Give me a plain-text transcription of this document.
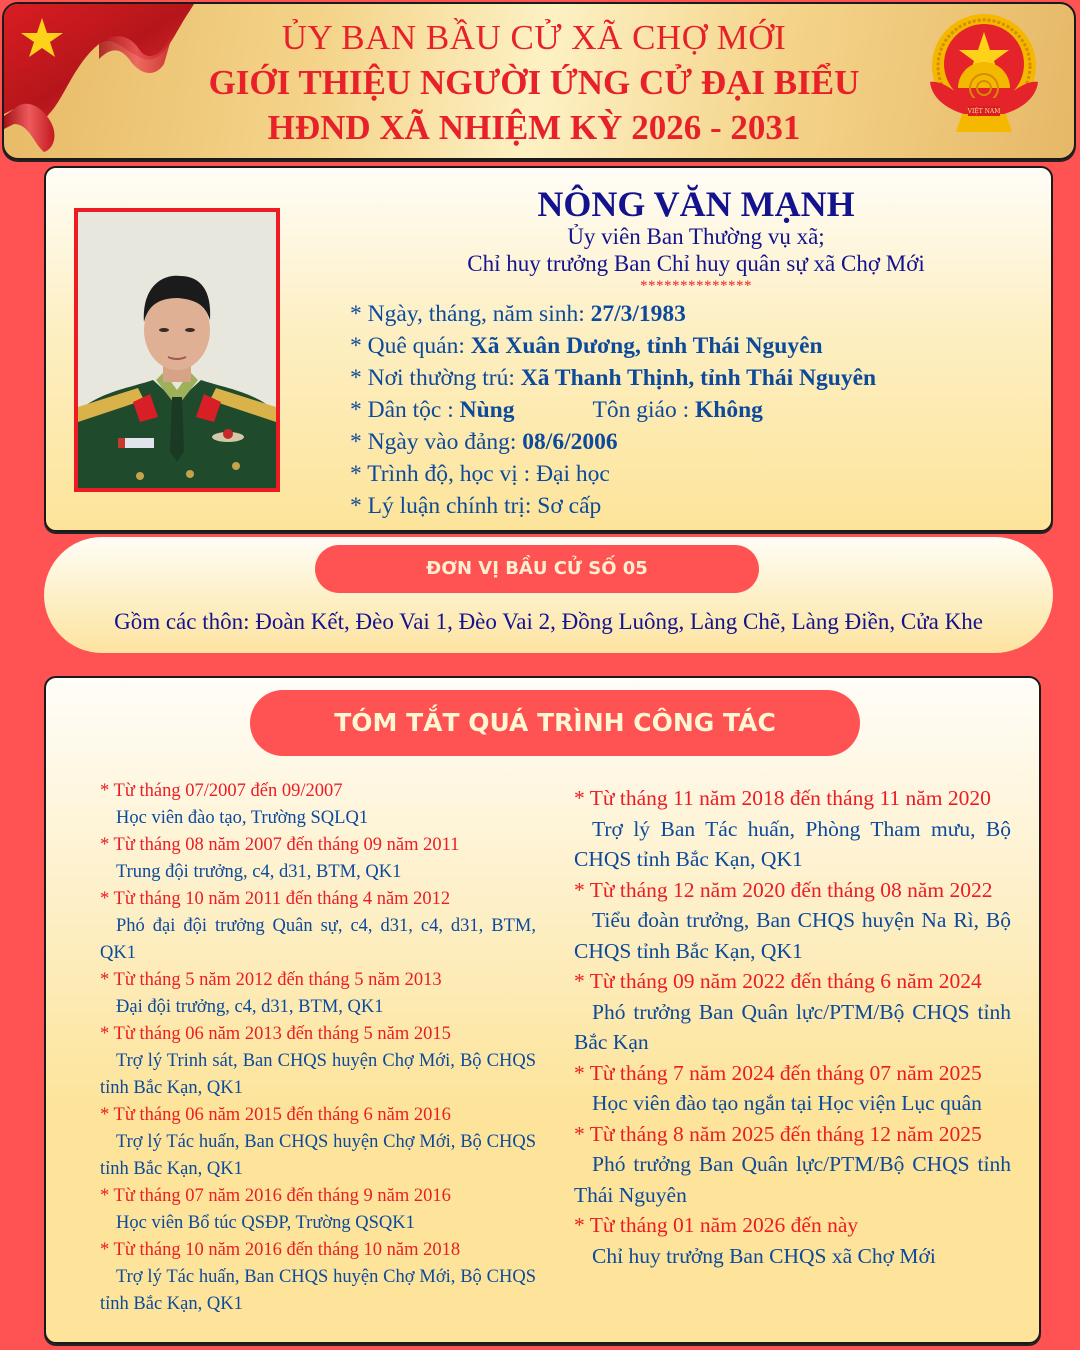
ỦY BAN BẦU CỬ XÃ CHỢ MỚI
GIỚI THIỆU NGƯỜI ỨNG CỬ ĐẠI BIỂU
HĐND XÃ NHIỆM KỲ 2026 - 2031	VIỆT NAM
NÔNG VĂN MẠNH
Ủy viên Ban Thường vụ xã;
Chỉ huy trưởng Ban Chỉ huy quân sự xã Chợ Mới
**************
* Ngày, tháng, năm sinh: 27/3/1983
* Quê quán: Xã Xuân Dương, tỉnh Thái Nguyên
* Nơi thường trú: Xã Thanh Thịnh, tỉnh Thái Nguyên
* Dân tộc : Nùng	Tôn giáo : Không
* Ngày vào đảng: 08/6/2006
* Trình độ, học vị : Đại học
* Lý luận chính trị: Sơ cấp
ĐƠN VỊ BẦU CỬ SỐ 05
Gồm các thôn: Đoàn Kết, Đèo Vai 1, Đèo Vai 2, Đồng Luông, Làng Chẽ, Làng Điền, Cửa Khe
TÓM TẮT QUÁ TRÌNH CÔNG TÁC
* Từ tháng 07/2007 đến 09/2007
Học viên đào tạo, Trường SQLQ1
* Từ tháng 08 năm 2007 đến tháng 09 năm 2011
Trung đội trưởng, c4, d31, BTM, QK1
* Từ tháng 10 năm 2011 đến tháng 4 năm 2012
Phó đại đội trưởng Quân sự, c4, d31, c4, d31, BTM, QK1
* Từ tháng 5 năm 2012 đến tháng 5 năm 2013
Đại đội trưởng, c4, d31, BTM, QK1
* Từ tháng 06 năm 2013 đến tháng 5 năm 2015
Trợ lý Trinh sát, Ban CHQS huyện Chợ Mới, Bộ CHQS tỉnh Bắc Kạn, QK1
* Từ tháng 06 năm 2015 đến tháng 6 năm 2016
Trợ lý Tác huấn, Ban CHQS huyện Chợ Mới, Bộ CHQS tỉnh Bắc Kạn, QK1
* Từ tháng 07 năm 2016 đến tháng 9 năm 2016
Học viên Bổ túc QSĐP, Trường QSQK1
* Từ tháng 10 năm 2016 đến tháng 10 năm 2018
Trợ lý Tác huấn, Ban CHQS huyện Chợ Mới, Bộ CHQS tỉnh Bắc Kạn, QK1
* Từ tháng 11 năm 2018 đến tháng 11 năm 2020
Trợ lý Ban Tác huấn, Phòng Tham mưu, Bộ CHQS tỉnh Bắc Kạn, QK1
* Từ tháng 12 năm 2020 đến tháng 08 năm 2022
Tiểu đoàn trưởng, Ban CHQS huyện Na Rì, Bộ CHQS tỉnh Bắc Kạn, QK1
* Từ tháng 09 năm 2022 đến tháng 6 năm 2024
Phó trưởng Ban Quân lực/PTM/Bộ CHQS tỉnh Bắc Kạn
* Từ tháng 7 năm 2024 đến tháng 07 năm 2025
Học viên đào tạo ngắn tại Học viện Lục quân
* Từ tháng 8 năm 2025 đến tháng 12 năm 2025
Phó trưởng Ban Quân lực/PTM/Bộ CHQS tỉnh Thái Nguyên
* Từ tháng 01 năm 2026 đến này
Chỉ huy trưởng Ban CHQS xã Chợ Mới
